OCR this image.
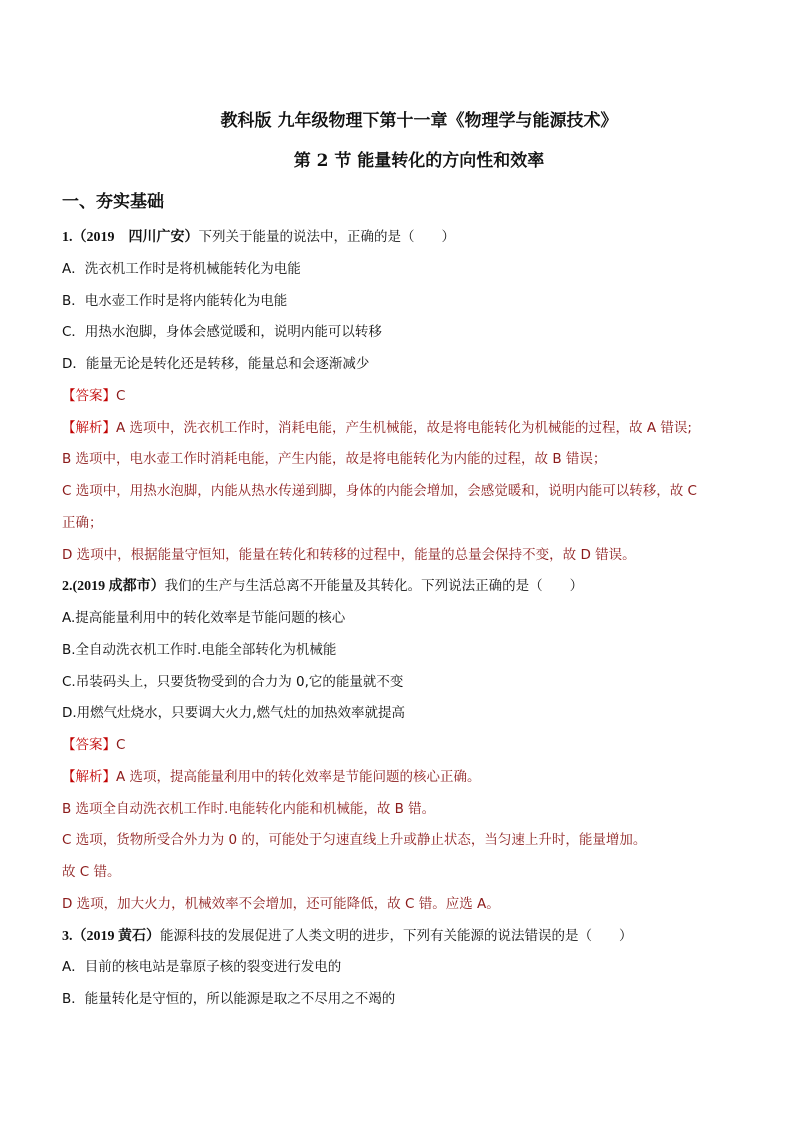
教科版 九年级物理下第十一章《物理学与能源技术》
第 2 节 能量转化的方向性和效率
一、夯实基础
1.（2019　四川广安）下列关于能量的说法中，正确的是（　　）
A．洗衣机工作时是将机械能转化为电能
B．电水壶工作时是将内能转化为电能
C．用热水泡脚，身体会感觉暖和，说明内能可以转移
D．能量无论是转化还是转移，能量总和会逐渐减少
【答案】C
【解析】A 选项中，洗衣机工作时，消耗电能，产生机械能，故是将电能转化为机械能的过程，故 A 错误;
B 选项中，电水壶工作时消耗电能，产生内能，故是将电能转化为内能的过程，故 B 错误；
C 选项中，用热水泡脚，内能从热水传递到脚，身体的内能会增加，会感觉暖和，说明内能可以转移，故 C
正确；
D 选项中，根据能量守恒知，能量在转化和转移的过程中，能量的总量会保持不变，故 D 错误。
2.(2019 成都市）我们的生产与生活总离不开能量及其转化。下列说法正确的是（　　）
A.提高能量利用中的转化效率是节能问题的核心
B.全自动洗衣机工作时.电能全部转化为机械能
C.吊装码头上，只要货物受到的合力为 0,它的能量就不变
D.用燃气灶烧水，只要调大火力,燃气灶的加热效率就提高
【答案】C
【解析】A 选项，提高能量利用中的转化效率是节能问题的核心正确。
B 选项全自动洗衣机工作时.电能转化内能和机械能，故 B 错。
C 选项，货物所受合外力为 0 的，可能处于匀速直线上升或静止状态，当匀速上升时，能量增加。
故 C 错。
D 选项，加大火力，机械效率不会增加，还可能降低，故 C 错。应选 A。
3.（2019 黄石）能源科技的发展促进了人类文明的进步，下列有关能源的说法错误的是（　　）
A．目前的核电站是靠原子核的裂变进行发电的
B．能量转化是守恒的，所以能源是取之不尽用之不竭的
